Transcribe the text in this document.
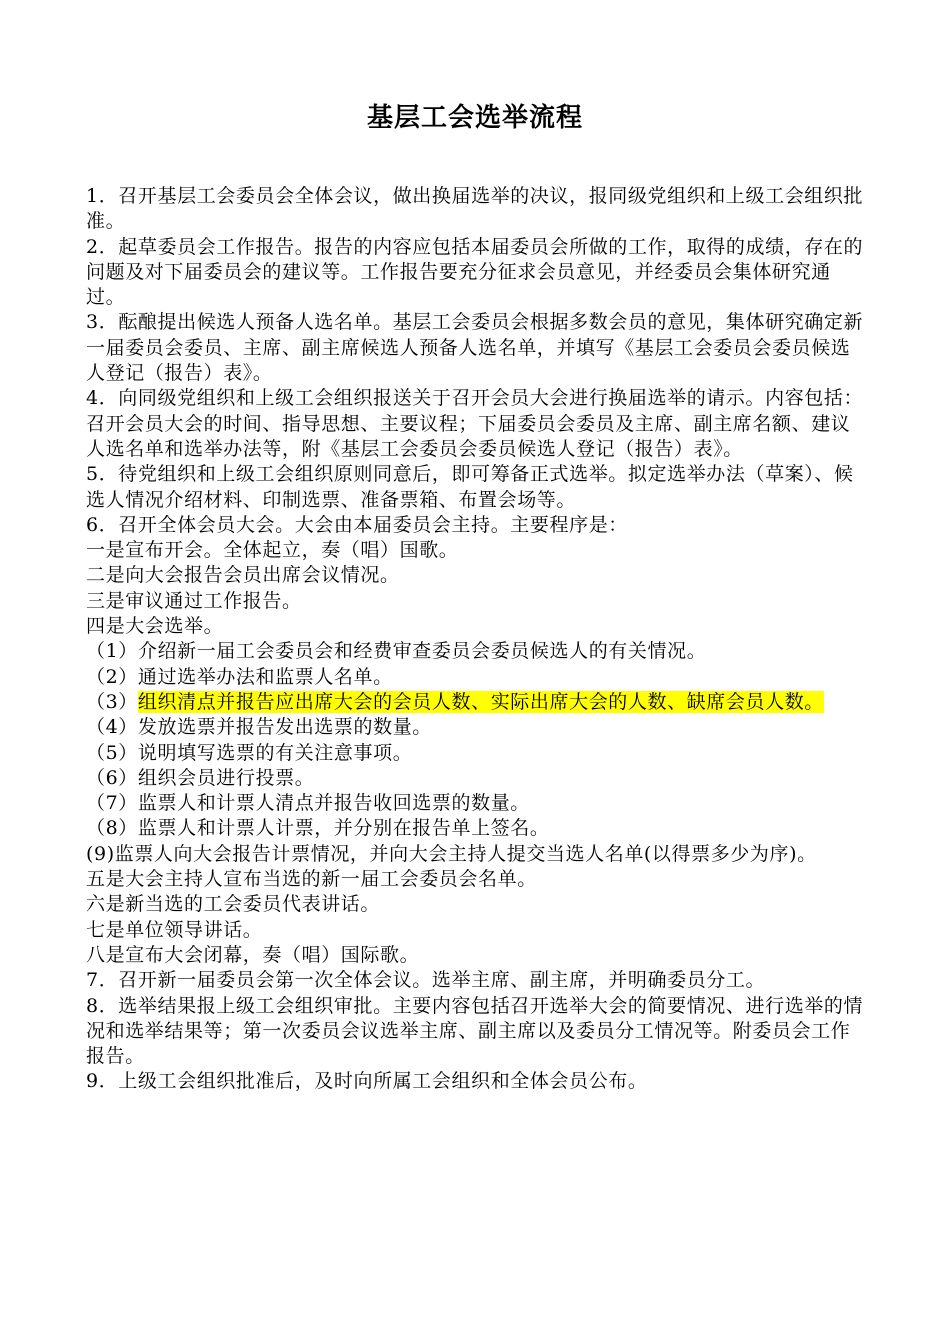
基层工会选举流程

1．召开基层工会委员会全体会议，做出换届选举的决议，报同级党组织和上级工会组织批准。

2．起草委员会工作报告。报告的内容应包括本届委员会所做的工作，取得的成绩，存在的问题及对下届委员会的建议等。工作报告要充分征求会员意见，并经委员会集体研究通过。

3．酝酿提出候选人预备人选名单。基层工会委员会根据多数会员的意见，集体研究确定新一届委员会委员、主席、副主席候选人预备人选名单，并填写《基层工会委员会委员候选人登记（报告）表》。

4．向同级党组织和上级工会组织报送关于召开会员大会进行换届选举的请示。内容包括：召开会员大会的时间、指导思想、主要议程；下届委员会委员及主席、副主席名额、建议人选名单和选举办法等，附《基层工会委员会委员候选人登记（报告）表》。

5．待党组织和上级工会组织原则同意后，即可筹备正式选举。拟定选举办法（草案）、候选人情况介绍材料、印制选票、准备票箱、布置会场等。

6．召开全体会员大会。大会由本届委员会主持。主要程序是：

一是宣布开会。全体起立，奏（唱）国歌。

二是向大会报告会员出席会议情况。

三是审议通过工作报告。

四是大会选举。

（1）介绍新一届工会委员会和经费审查委员会委员候选人的有关情况。

（2）通过选举办法和监票人名单。

（3）组织清点并报告应出席大会的会员人数、实际出席大会的人数、缺席会员人数。

（4）发放选票并报告发出选票的数量。

（5）说明填写选票的有关注意事项。

（6）组织会员进行投票。

（7）监票人和计票人清点并报告收回选票的数量。

（8）监票人和计票人计票，并分别在报告单上签名。

(9)监票人向大会报告计票情况，并向大会主持人提交当选人名单(以得票多少为序)。

五是大会主持人宣布当选的新一届工会委员会名单。

六是新当选的工会委员代表讲话。

七是单位领导讲话。

八是宣布大会闭幕，奏（唱）国际歌。

7．召开新一届委员会第一次全体会议。选举主席、副主席，并明确委员分工。

8．选举结果报上级工会组织审批。主要内容包括召开选举大会的简要情况、进行选举的情况和选举结果等；第一次委员会议选举主席、副主席以及委员分工情况等。附委员会工作报告。

9．上级工会组织批准后，及时向所属工会组织和全体会员公布。
